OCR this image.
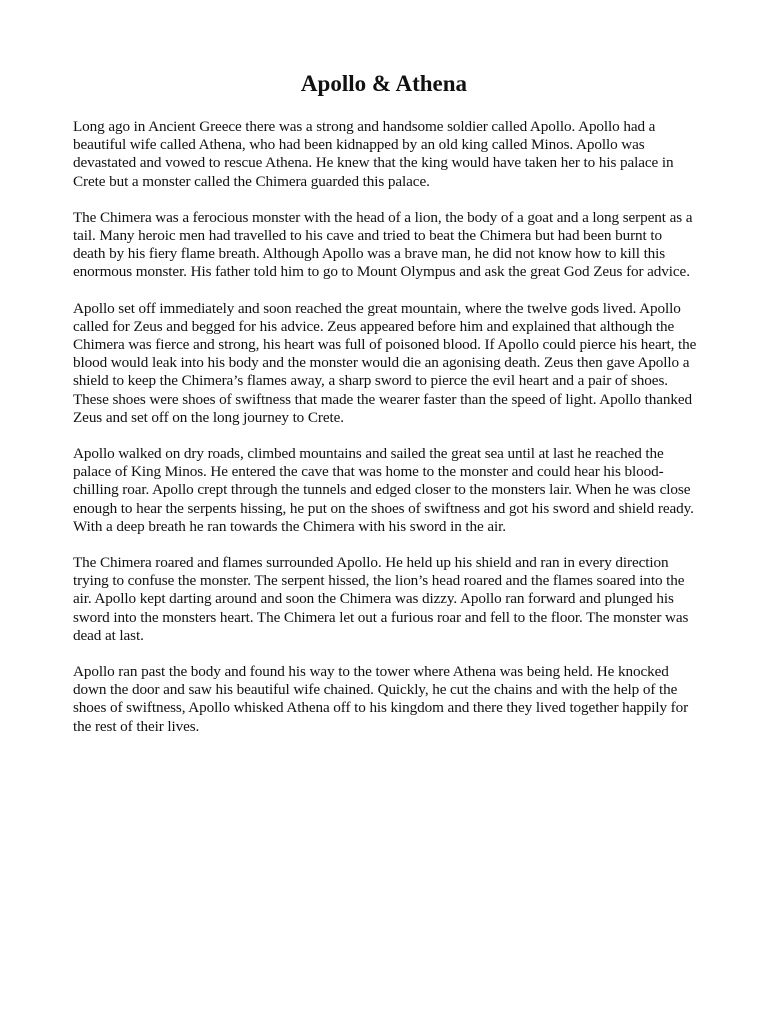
Apollo & Athena

Long ago in Ancient Greece there was a strong and handsome soldier called Apollo. Apollo had a beautiful wife called Athena, who had been kidnapped by an old king called Minos. Apollo was devastated and vowed to rescue Athena. He knew that the king would have taken her to his palace in Crete but a monster called the Chimera guarded this palace.

The Chimera was a ferocious monster with the head of a lion, the body of a goat and a long serpent as a tail. Many heroic men had travelled to his cave and tried to beat the Chimera but had been burnt to death by his fiery flame breath. Although Apollo was a brave man, he did not know how to kill this enormous monster. His father told him to go to Mount Olympus and ask the great God Zeus for advice.

Apollo set off immediately and soon reached the great mountain, where the twelve gods lived. Apollo called for Zeus and begged for his advice. Zeus appeared before him and explained that although the Chimera was fierce and strong, his heart was full of poisoned blood. If Apollo could pierce his heart, the blood would leak into his body and the monster would die an agonising death. Zeus then gave Apollo a shield to keep the Chimera’s flames away, a sharp sword to pierce the evil heart and a pair of shoes. These shoes were shoes of swiftness that made the wearer faster than the speed of light. Apollo thanked Zeus and set off on the long journey to Crete.

Apollo walked on dry roads, climbed mountains and sailed the great sea until at last he reached the palace of King Minos. He entered the cave that was home to the monster and could hear his blood-chilling roar. Apollo crept through the tunnels and edged closer to the monsters lair. When he was close enough to hear the serpents hissing, he put on the shoes of swiftness and got his sword and shield ready. With a deep breath he ran towards the Chimera with his sword in the air.

The Chimera roared and flames surrounded Apollo. He held up his shield and ran in every direction trying to confuse the monster. The serpent hissed, the lion’s head roared and the flames soared into the air. Apollo kept darting around and soon the Chimera was dizzy. Apollo ran forward and plunged his sword into the monsters heart. The Chimera let out a furious roar and fell to the floor. The monster was dead at last.

Apollo ran past the body and found his way to the tower where Athena was being held. He knocked down the door and saw his beautiful wife chained. Quickly, he cut the chains and with the help of the shoes of swiftness, Apollo whisked Athena off to his kingdom and there they lived together happily for the rest of their lives.
